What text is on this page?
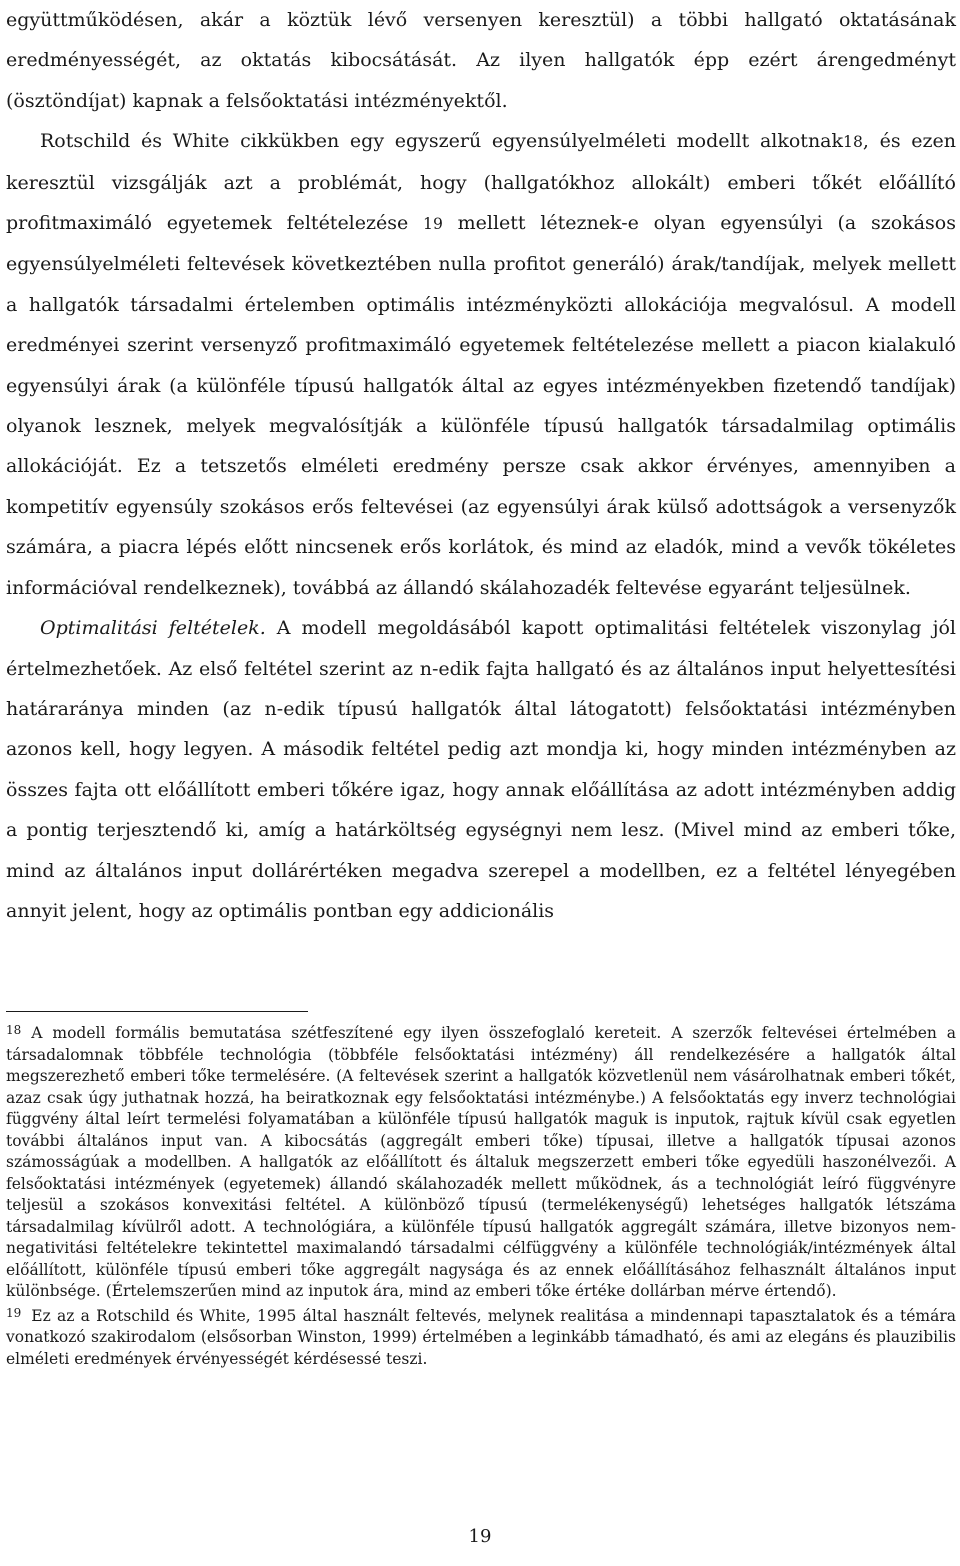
együttműködésen, akár a köztük lévő versenyen keresztül) a többi hallgató oktatásának eredményességét, az oktatás kibocsátását. Az ilyen hallgatók épp ezért árengedményt (ösztöndíjat) kapnak a felsőoktatási intézményektől.

Rotschild és White cikkükben egy egyszerű egyensúlyelméleti modellt alkotnak18, és ezen keresztül vizsgálják azt a problémát, hogy (hallgatókhoz allokált) emberi tőkét előállító profitmaximáló egyetemek feltételezése 19 mellett léteznek-e olyan egyensúlyi (a szokásos egyensúlyelméleti feltevések következtében nulla profitot generáló) árak/tandíjak, melyek mellett a hallgatók társadalmi értelemben optimális intézményközti allokációja megvalósul. A modell eredményei szerint versenyző profitmaximáló egyetemek feltételezése mellett a piacon kialakuló egyensúlyi árak (a különféle típusú hallgatók által az egyes intézményekben fizetendő tandíjak) olyanok lesznek, melyek megvalósítják a különféle típusú hallgatók társadalmilag optimális allokációját. Ez a tetszetős elméleti eredmény persze csak akkor érvényes, amennyiben a kompetitív egyensúly szokásos erős feltevései (az egyensúlyi árak külső adottságok a versenyzők számára, a piacra lépés előtt nincsenek erős korlátok, és mind az eladók, mind a vevők tökéletes információval rendelkeznek), továbbá az állandó skálahozadék feltevése egyaránt teljesülnek.

Optimalitási feltételek. A modell megoldásából kapott optimalitási feltételek viszonylag jól értelmezhetőek. Az első feltétel szerint az n-edik fajta hallgató és az általános input helyettesítési határaránya minden (az n-edik típusú hallgatók által látogatott) felsőoktatási intézményben azonos kell, hogy legyen. A második feltétel pedig azt mondja ki, hogy minden intézményben az összes fajta ott előállított emberi tőkére igaz, hogy annak előállítása az adott intézményben addig a pontig terjesztendő ki, amíg a határköltség egységnyi nem lesz. (Mivel mind az emberi tőke, mind az általános input dollárértéken megadva szerepel a modellben, ez a feltétel lényegében annyit jelent, hogy az optimális pontban egy addicionális

$^{18}$ A modell formális bemutatása szétfeszítené egy ilyen összefoglaló kereteit. A szerzők feltevései értelmében a társadalomnak többféle technológia (többféle felsőoktatási intézmény) áll rendelkezésére a hallgatók által megszerezhető emberi tőke termelésére. (A feltevések szerint a hallgatók közvetlenül nem vásárolhatnak emberi tőkét, azaz csak úgy juthatnak hozzá, ha beiratkoznak egy felsőoktatási intézménybe.) A felsőoktatás egy inverz technológiai függvény által leírt termelési folyamatában a különféle típusú hallgatók maguk is inputok, rajtuk kívül csak egyetlen további általános input van. A kibocsátás (aggregált emberi tőke) típusai, illetve a hallgatók típusai azonos számosságúak a modellben. A hallgatók az előállított és általuk megszerzett emberi tőke egyedüli haszonélvezői. A felsőoktatási intézmények (egyetemek) állandó skálahozadék mellett működnek, ás a technológiát leíró függvényre teljesül a szokásos konvexitási feltétel. A különböző típusú (termelékenységű) lehetséges hallgatók létszáma társadalmilag kívülről adott. A technológiára, a különféle típusú hallgatók aggregált számára, illetve bizonyos nem-negativitási feltételekre tekintettel maximalandó társadalmi célfüggvény a különféle technológiák/intézmények által előállított, különféle típusú emberi tőke aggregált nagysága és az ennek előállításához felhasznált általános input különbsége. (Értelemszerűen mind az inputok ára, mind az emberi tőke értéke dollárban mérve értendő).

$^{19}$ Ez az a Rotschild és White, 1995 által használt feltevés, melynek realitása a mindennapi tapasztalatok és a témára vonatkozó szakirodalom (elsősorban Winston, 1999) értelmében a leginkább támadható, és ami az elegáns és plauzibilis elméleti eredmények érvényességét kérdésessé teszi.

19
